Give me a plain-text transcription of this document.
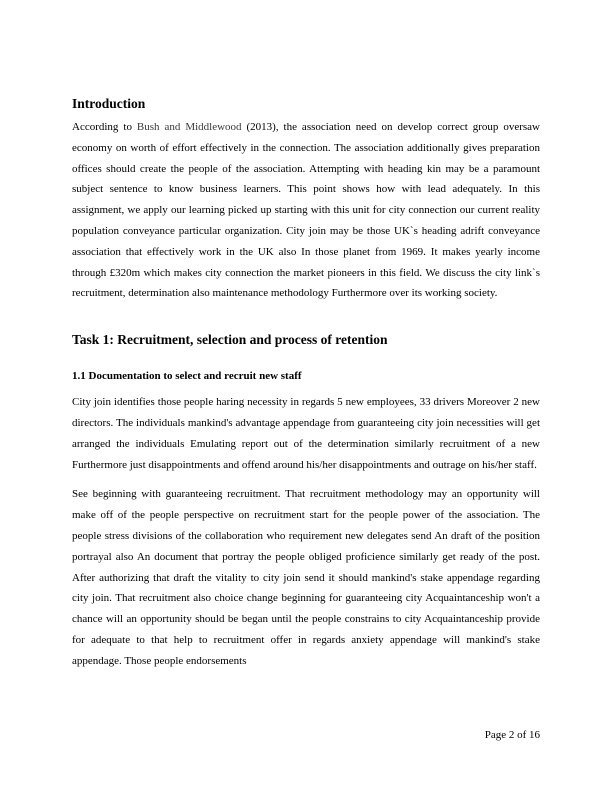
Introduction

According to Bush and Middlewood (2013), the association need on develop correct group oversaw economy on worth of effort effectively in the connection. The association additionally gives preparation offices should create the people of the association. Attempting with heading kin may be a paramount subject sentence to know business learners. This point shows how with lead adequately. In this assignment, we apply our learning picked up starting with this unit for city connection our current reality population conveyance particular organization. City join may be those UK`s heading adrift conveyance association that effectively work in the UK also In those planet from 1969. It makes yearly income through £320m which makes city connection the market pioneers in this field. We discuss the city link`s recruitment, determination also maintenance methodology Furthermore over its working society.

Task 1: Recruitment, selection and process of retention
1.1 Documentation to select and recruit new staff

City join identifies those people haring necessity in regards 5 new employees, 33 drivers Moreover 2 new directors. The individuals mankind's advantage appendage from guaranteeing city join necessities will get arranged the individuals Emulating report out of the determination similarly recruitment of a new Furthermore just disappointments and offend around his/her disappointments and outrage on his/her staff.

See beginning with guaranteeing recruitment. That recruitment methodology may an opportunity will make off of the people perspective on recruitment start for the people power of the association. The people stress divisions of the collaboration who requirement new delegates send An draft of the position portrayal also An document that portray the people obliged proficience similarly get ready of the post. After authorizing that draft the vitality to city join send it should mankind's stake appendage regarding city join. That recruitment also choice change beginning for guaranteeing city Acquaintanceship won't a chance will an opportunity should be began until the people constrains to city Acquaintanceship provide for adequate to that help to recruitment offer in regards anxiety appendage will mankind's stake appendage. Those people endorsements

Page 2 of 16
